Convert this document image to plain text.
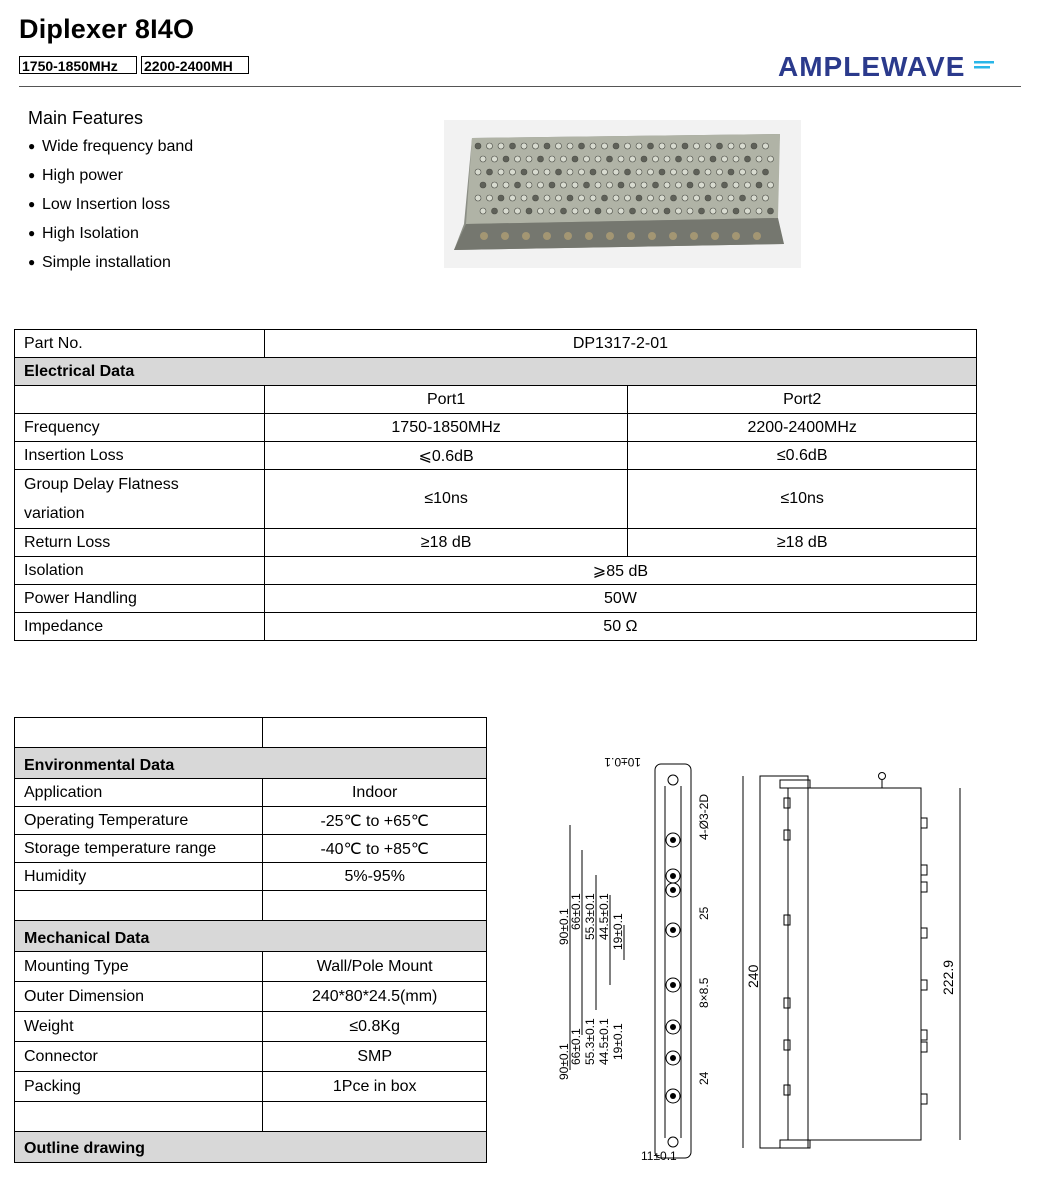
Diplexer 8I4O
1750-1850MHz	2200-2400MH	AMPLEWAVE
Main Features
● Wide frequency band
● High power
● Low Insertion loss
● High Isolation
● Simple installation
Part No.	DP1317-2-01	
Electrical Data		
	Port1	Port2
Frequency	1750-1850MHz	2200-2400MHz
Insertion Loss	⩽0.6dB	≤0.6dB
Group Delay Flatness variation	≤10ns	≤10ns
Return Loss	≥18 dB	≥18 dB
Isolation	⩾85 dB	
Power Handling	50W	
Impedance	50 Ω	

Environmental Data	
Application	Indoor
Operating Temperature	-25℃ to +65℃
Storage temperature range	-40℃ to +85℃
Humidity	5%-95%

Mechanical Data	
Mounting Type	Wall/Pole Mount
Outer Dimension	240*80*24.5(mm)
Weight	≤0.8Kg
Connector	SMP
Packing	1Pce in box

Outline drawing	
90±0.1
66±0.1 55.3±0.1 44.5±0.1 19±0.1
90±0.1
66±0.1 55.3±0.1 44.5±0.1 19±0.1
4-Ø3-2D
25
8×8.5
24
10±0.1
11±0.1
240	222.9
